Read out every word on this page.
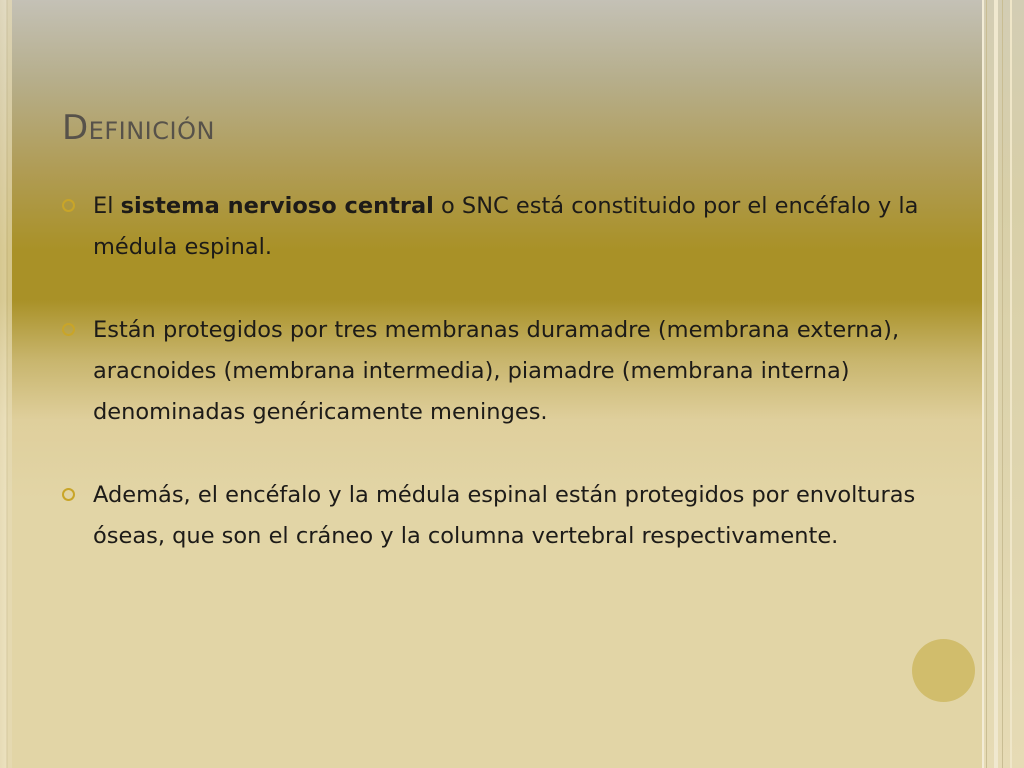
Definición
El sistema nervioso central o SNC está constituido por el encéfalo y la médula espinal.
Están protegidos por tres membranas duramadre (membrana externa), aracnoides (membrana intermedia), piamadre (membrana interna) denominadas genéricamente meninges.
Además, el encéfalo y la médula espinal están protegidos por envolturas óseas, que son el cráneo y la columna vertebral respectivamente.
